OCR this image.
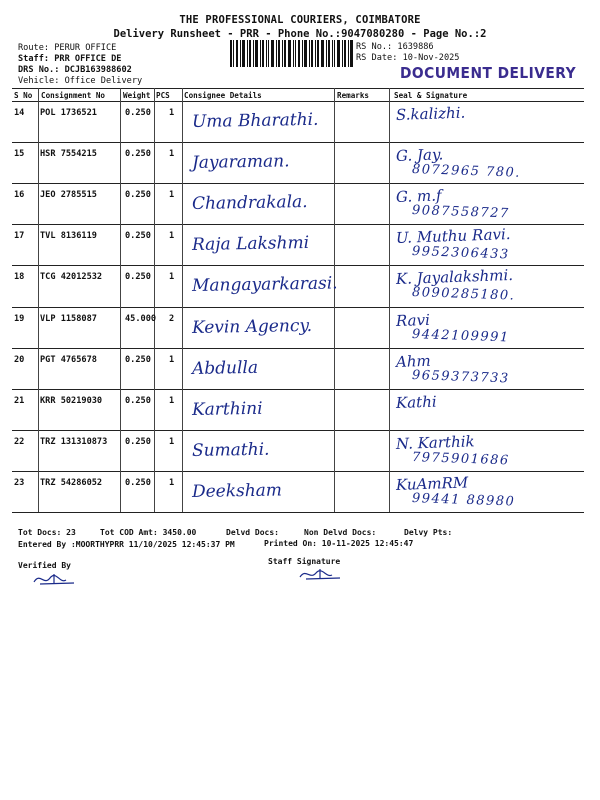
THE PROFESSIONAL COURIERS, COIMBATORE
Delivery Runsheet - PRR - Phone No.:9047080280 - Page No.:2
Route: PERUR OFFICE
Staff: PRR OFFICE DE
DRS No.: DCJB163988602
Vehicle: Office Delivery
RS No.: 1639886
RS Date: 10-Nov-2025
DOCUMENT DELIVERY
S No Consignment No Weight PCS Consignee Details	Remarks	Seal & Signature
14 POL 1736521	0.250 1 Uma Bharathi.	S.kalizhi.
15 HSR 7554215	0.250 1 Jayaraman.	G. Jay.
8072965 780.
16 JEO 2785515	0.250 1 Chandrakala.	G. m.f
9087558727
17 TVL 8136119	0.250 1 Raja Lakshmi	U. Muthu Ravi.
9952306433
18 TCG 42012532	0.250 1 Mangayarkarasi.	K. Jayalakshmi.
8090285180.
19 VLP 1158087	45.000 2 Kevin Agency.	Ravi
9442109991
20 PGT 4765678	0.250 1 Abdulla	Ahm
9659373733
21 KRR 50219030	0.250 1 Karthini	Kathi
22 TRZ 131310873 0.250 1 Sumathi.	N. Karthik
7975901686
23 TRZ 54286052	0.250 1 Deeksham	KuAmRM
99441 88980
Tot Docs: 23	Tot COD Amt: 3450.00	Delvd Docs:	Non Delvd Docs:	Delvy Pts:
Entered By :MOORTHYPRR 11/10/2025 12:45:37 PM	Printed On: 10-11-2025 12:45:47
Verified By	Staff Signature
